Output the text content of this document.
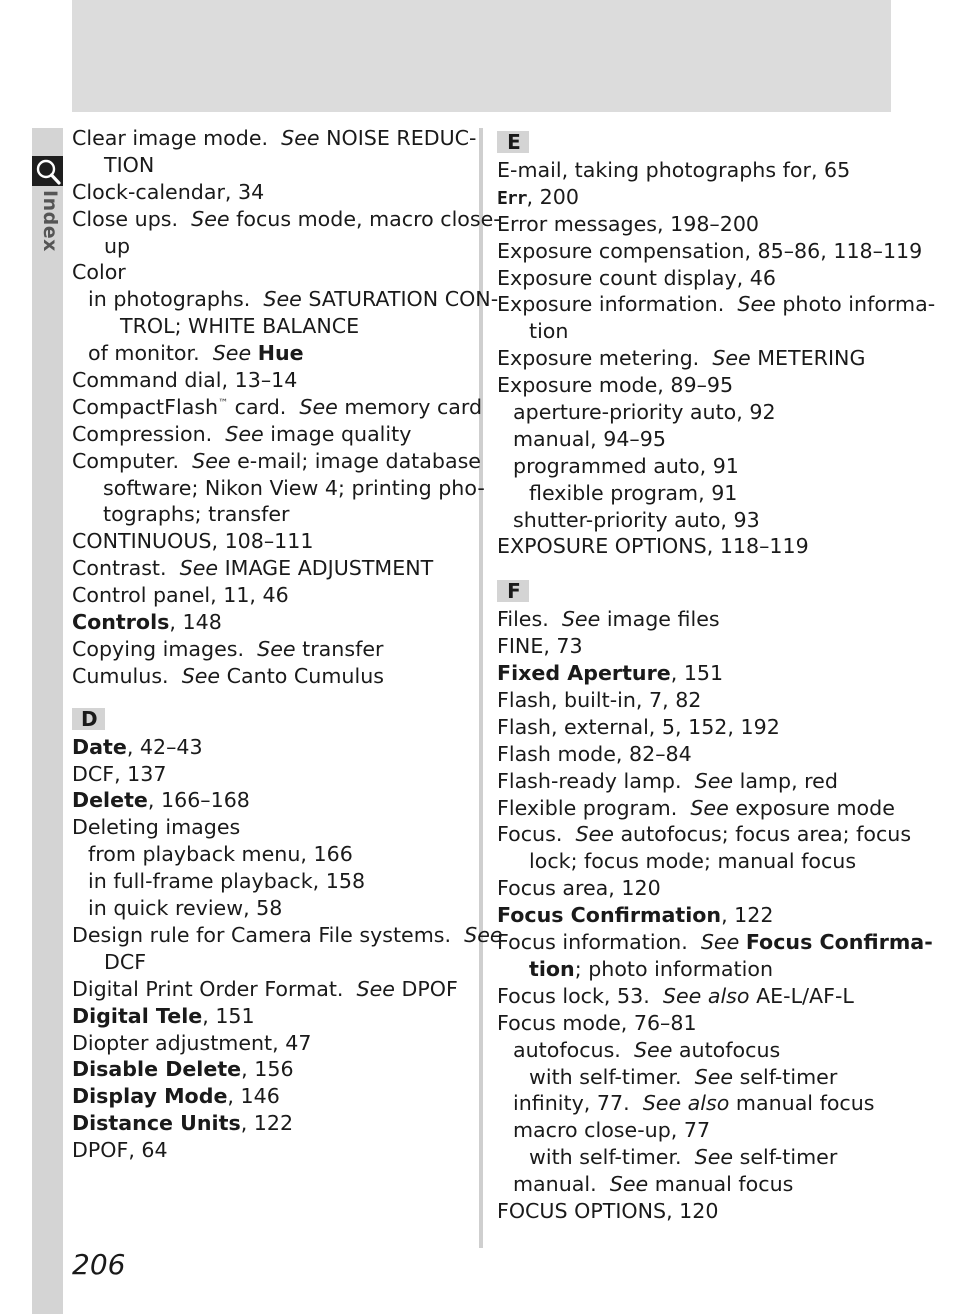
Index
Clear image mode. See NOISE REDUC-
TION
Clock-calendar, 34
Close ups. See focus mode, macro close-
up
Color
in photographs. See SATURATION CON-
TROL; WHITE BALANCE
of monitor. See Hue
Command dial, 13–14
CompactFlash™ card. See memory card
Compression. See image quality
Computer. See e-mail; image database
software; Nikon View 4; printing pho-
tographs; transfer
CONTINUOUS, 108–111
Contrast. See IMAGE ADJUSTMENT
Control panel, 11, 46
Controls, 148
Copying images. See transfer
Cumulus. See Canto Cumulus
D
Date, 42–43
DCF, 137
Delete, 166–168
Deleting images
from playback menu, 166
in full-frame playback, 158
in quick review, 58
Design rule for Camera File systems. See
DCF
Digital Print Order Format. See DPOF
Digital Tele, 151
Diopter adjustment, 47
Disable Delete, 156
Display Mode, 146
Distance Units, 122
DPOF, 64
E
E-mail, taking photographs for, 65
Err, 200
Error messages, 198–200
Exposure compensation, 85–86, 118–119
Exposure count display, 46
Exposure information. See photo informa-
tion
Exposure metering. See METERING
Exposure mode, 89–95
aperture-priority auto, 92
manual, 94–95
programmed auto, 91
flexible program, 91
shutter-priority auto, 93
EXPOSURE OPTIONS, 118–119
F
Files. See image files
FINE, 73
Fixed Aperture, 151
Flash, built-in, 7, 82
Flash, external, 5, 152, 192
Flash mode, 82–84
Flash-ready lamp. See lamp, red
Flexible program. See exposure mode
Focus. See autofocus; focus area; focus
lock; focus mode; manual focus
Focus area, 120
Focus Confirmation, 122
Focus information. See Focus Confirma-
tion; photo information
Focus lock, 53. See also AE-L/AF-L
Focus mode, 76–81
autofocus. See autofocus
with self-timer. See self-timer
infinity, 77. See also manual focus
macro close-up, 77
with self-timer. See self-timer
manual. See manual focus
FOCUS OPTIONS, 120
206
